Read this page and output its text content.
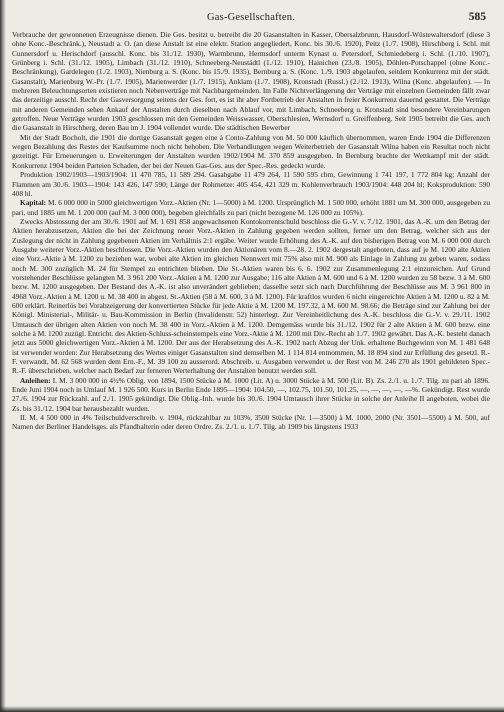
Gas-Gesellschaften.	585

Verbrauche der gewonnenen Erzeugnisse dienen. Die Ges. besitzt u. betreibt die 20 Gasanstalten in Kasser, Obersalzbrunn, Hausdorf-Wüstewaltersdorf (diese 3 ohne Konc.-Beschränk.), Neustadt a. O. (an diese Anstalt ist eine elektr. Station angegliedert, Konc. bis 30./6. 1920), Peitz (1./7. 1908), Hirschberg i. Schl. mit Cunnersdorf u. Herischdorf (ausschl. Konc. bis 31./12. 1930), Warmbrunn, Hermsdorf unterm Kynast u. Petersdorf, Schmiedeberg i. Schl. (1./10. 1907), Grünberg i. Schl. (31./12. 1905), Limbach (31./12. 1910), Schneeberg-Neustädtl (1./12. 1910), Hainichen (23./8. 1905), Döhlen-Potschappel (ohne Konc.-Beschränkung), Gardelegen (1./2. 1903), Nienburg a. S. (Konc. bis 15./9. 1935), Bernburg a. S. (Konc. 1./9. 1903 abgelaufen, seitdem Konkurrenz mit der städt. Gasanstalt), Marienburg W.-Pr. (1./7. 1905), Marienwerder (1./7. 1915), Anklam (1./7. 1908), Kronstadt (Russl.) (2./12. 1913), Wilna (Konc. abgelaufen). — In mehreren Beleuchtungsorten existieren noch Nebenverträge mit Nachbargemeinden. Im Falle Nichtverlängerung der Verträge mit einzelnen Gemeinden fällt zwar das derzeitige ausschl. Recht der Gasversorgung seitens der Ges. fort, es ist ihr aber Fortbetrieb der Anstalten in freier Konkurrenz dauernd gestattet. Die Verträge mit anderen Gemeinden sehen Ankauf der Anstalten durch dieselben nach Ablauf vor, mit Limbach, Schneeberg u. Kronstadt sind besondere Vereinbarungen getroffen. Neue Verträge wurden 1903 geschlossen mit den Gemeinden Weisswasser, Oberschlesien, Wernsdorf u. Greiffenberg. Seit 1905 betreibt die Ges. auch die Gasanstalt in Hirschberg, deren Bau im J. 1904 vollendet wurde. Die städtischen Bewerber

Mit der Stadt Bocholt, die 1901 die dortige Gasanstalt gegen eine à Conto-Zahlung von M. 50 000 käuflich übernommen, waren Ende 1904 die Differenzen wegen Bezahlung des Restes der Kaufsumme noch nicht behoben. Die Verhandlungen wegen Weiterbetrieb der Gasanstalt Wilna haben ein Resultat noch nicht gezeitigt. Für Erneuerungen u. Erweiterungen der Anstalten wurden 1902/1904 M. 370 859 ausgegeben. In Bernburg brachte der Wettkampf mit der städt. Konkurrenz 1904 beiden Parteien Schaden, der bei der Neuen Gas-Ges. aus der Spec.-Res. gedeckt wurde.

Produktion 1902/1903—1903/1904: 11 470 785, 11 589 294. Gasabgabe 11 479 264, 11 590 595 cbm, Gewinnung 1 741 197, 1 772 804 kg; Anzahl der Flammen am 30./6. 1903—1904: 143 426, 147 590; Länge der Rohrnetze: 405 454, 421 329 m. Kohlenverbrauch 1903/1904: 448 204 hl; Koksproduktion: 590 408 hl.

Kapital: M. 6 000 000 in 5000 gleichwertigen Vorz.-Aktien (Nr. 1—5000) à M. 1200. Ursprünglich M. 1 500 000, erhöht 1881 um M. 300 000, ausgegeben zu pari, und 1885 um M. 1 200 000 (auf M. 3 000 000), begeben gleichfalls zu pari (nicht bezogene M. 126 000 zu 105%).

Zwecks Abstossung der am 30./6. 1901 auf M. 1 691 858 angewachsenen Kontokorrentschuld beschloss die G.-V. v. 7./12. 1901, das A.-K. um den Betrag der Aktien herabzusetzen, Aktien die bei der Zeichnung neuer Vorz.-Aktien in Zahlung gegeben werden sollten, ferner um den Betrag, welcher sich aus der Zuslegung der nicht in Zahlung gegebenen Aktien im Verhältnis 2:1 ergäbe. Weiter wurde Erhöhung des A.-K. auf den bisherigen Betrag von M. 6 000 000 durch Ausgabe weiterer Vorz.-Aktien beschlossen. Die Vorz.-Aktien wurden den Aktionären vom 8.—28. 2. 1902 dergestalt angeboten, dass auf je M. 1200 alte Aktien eine Vorz.-Aktie à M. 1200 zu beziehen war, wobei alte Aktien im gleichen Nennwert mit 75% also mit M. 900 als Einlage in Zahlung zu geben waren, sodass noch M. 300 zuzüglich M. 24 für Stempel zu entrichten blieben. Die St.-Aktien waren bis 6. 6. 1902 zur Zusammenlegung 2:1 einzureichen. Auf Grund vorstehender Beschlüsse gelangten M. 3 961 200 Vorz.-Aktien à M. 1200 zur Ausgabe; 116 alte Aktien à M. 600 und 6 à M. 1200 wurden zu 58 bezw. 3 à M. 600 bezw. M. 1200 ausgegeben. Der Bestand des A.-K. ist also unverändert geblieben; dasselbe setzt sich nach Durchführung der Beschlüsse aus M. 3 961 800 in 4968 Vorz.-Aktien à M. 1200 u. M. 38 400 in abgest. St.-Aktien (58 à M. 600, 3 à M. 1200). Für kraftlos wurden 6 nicht eingereichte Aktien à M. 1200 u. 82 à M. 600 erklärt. Reinerlös bei Vorabzeigerung der konvertierten Stücke für jede Aktie à M. 1200 M. 197.32, à M. 600 M. 98.66; die Beträge sind zur Zahlung bei der Königl. Ministerial-, Militär- u. Bau-Kommission in Berlin (Invalidenstr. 52) hinterlegt. Zur Vereinheitlichung des A.-K. beschloss die G.-V. v. 29./11. 1902 Umtausch der übrigen alten Aktien von noch M. 38 400 in Vorz.-Aktien à M. 1200. Demgemäss wurde bis 31./12. 1902 für 2 alte Aktien à M. 600 bezw. eine solche à M. 1200 zuzügl. Entricht. des Aktien-Schluss-scheinstempels eine Vorz.-Aktie à M. 1200 mit Div.-Recht ab 1./7. 1902 gewährt. Das A.-K. besteht danach jetzt aus 5000 gleichwertigen Vorz.-Aktien à M. 1200. Der aus der Herabsetzung des A.-K. 1902 nach Abzug der Unk. erhaltene Buchgewinn von M. 1 481 648 ist verwendet worden: Zur Herabsetzung des Wertes einiger Gasanstalten sind demselben M. 1 114 814 entnommen, M. 18 894 sind zur Erfüllung des gesetzl. R.-F. verwandt, M. 62 568 wurden dem Ern.-F., M. 39 100 zu ausserord. Abschreib. u. Ausgaben verwendet u. der Rest von M. 246 270 als 1901 gebildeten Spec.-R.-F. überschrieben, welcher nach Bedarf zur ferneren Werterhaltung der Anstalten benutzt werden soll.

Anleihen: I. M. 3 000 000 in 4½% Oblig. von 1894, 1500 Stücke à M. 1000 (Lit. A) u. 3000 Stücke à M. 500 (Lit. B). Zs. 2./1. u. 1./7. Tilg. zu pari ab 1896. Ende Juni 1904 noch in Umlauf M. 1 926 500. Kurs in Berlin Ende 1895—1904: 104.50, —, 102.75, 101.50, 101.25, —, —, —, —, —%. Gekündigt. Rest wurde 27./6. 1904 zur Rückzahl. auf 2./1. 1905 gekündigt. Die Oblig.-Inh. wurde bis 30./6. 1904 Umtausch ihrer Stücke in solche der Anleihe II angeboten, wobei die Zs. bis 31./12. 1904 bar herausbezahlt wurden.

II. M. 4 500 000 in 4% Teilschuldverschreib. v. 1904, rückzahlbar zu 103%, 3500 Stücke (Nr. 1—3500) à M. 1000, 2000 (Nr. 3501—5500) à M. 500, auf Namen der Berliner Handelsges. als Pfandhalterin oder deren Ordre. Zs. 2./1. u. 1./7. Tilg. ab 1909 bis längstens 1933
